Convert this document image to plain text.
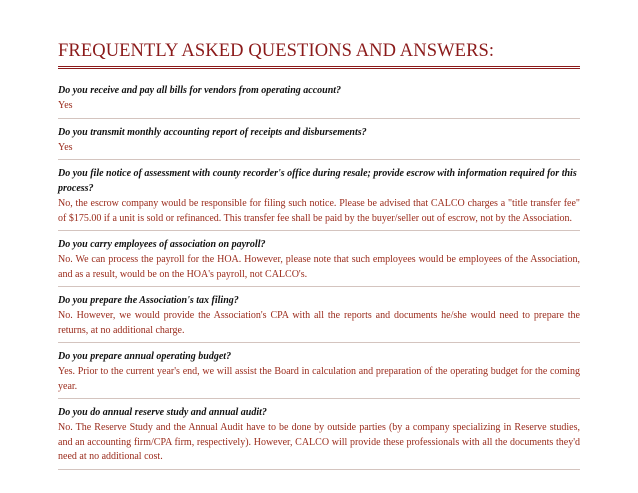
FREQUENTLY ASKED QUESTIONS AND ANSWERS:
Do you receive and pay all bills for vendors from operating account?
Yes
Do you transmit monthly accounting report of receipts and disbursements?
Yes
Do you file notice of assessment with county recorder's office during resale; provide escrow with information required for this process?
No, the escrow company would be responsible for filing such notice. Please be advised that CALCO charges a "title transfer fee" of $175.00 if a unit is sold or refinanced. This transfer fee shall be paid by the buyer/seller out of escrow, not by the Association.
Do you carry employees of association on payroll?
No. We can process the payroll for the HOA. However, please note that such employees would be employees of the Association, and as a result, would be on the HOA's payroll, not CALCO's.
Do you prepare the Association's tax filing?
No. However, we would provide the Association's CPA with all the reports and documents he/she would need to prepare the returns, at no additional charge.
Do you prepare annual operating budget?
Yes. Prior to the current year's end, we will assist the Board in calculation and preparation of the operating budget for the coming year.
Do you do annual reserve study and annual audit?
No. The Reserve Study and the Annual Audit have to be done by outside parties (by a company specializing in Reserve studies, and an accounting firm/CPA firm, respectively). However, CALCO will provide these professionals with all the documents they'd need at no additional cost.
